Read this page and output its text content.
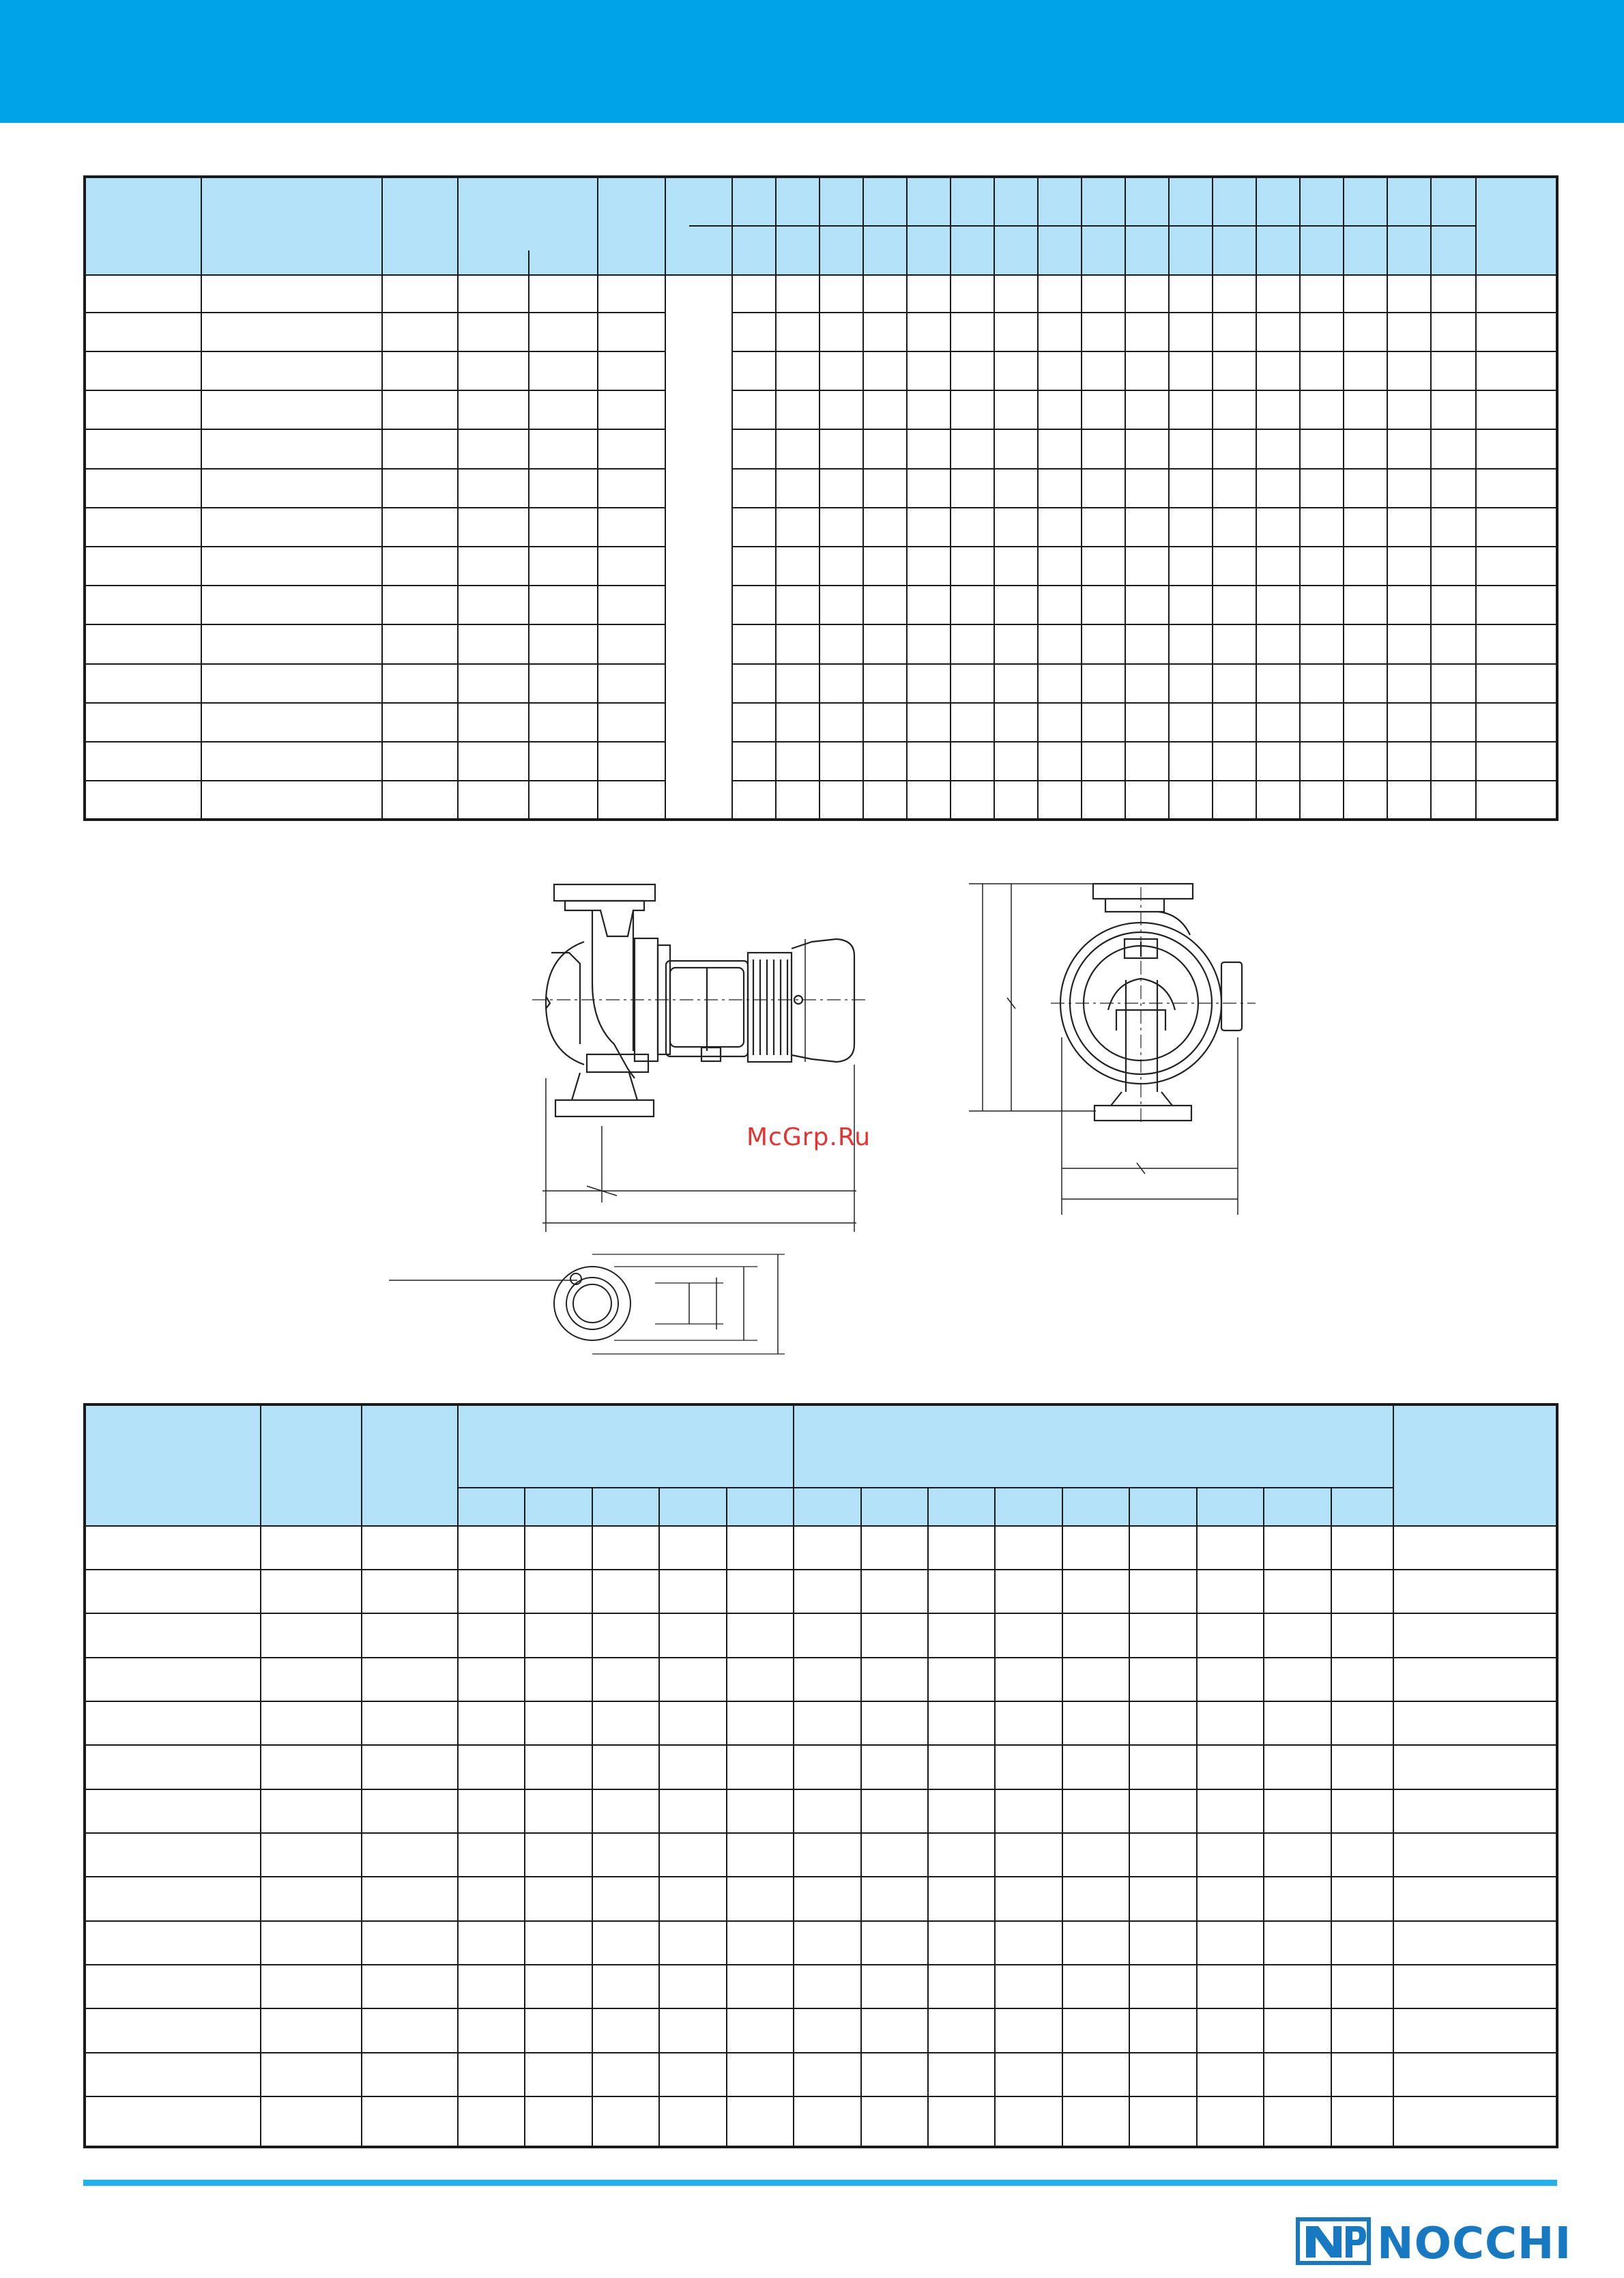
McGrp.Ru
NOCCHI
